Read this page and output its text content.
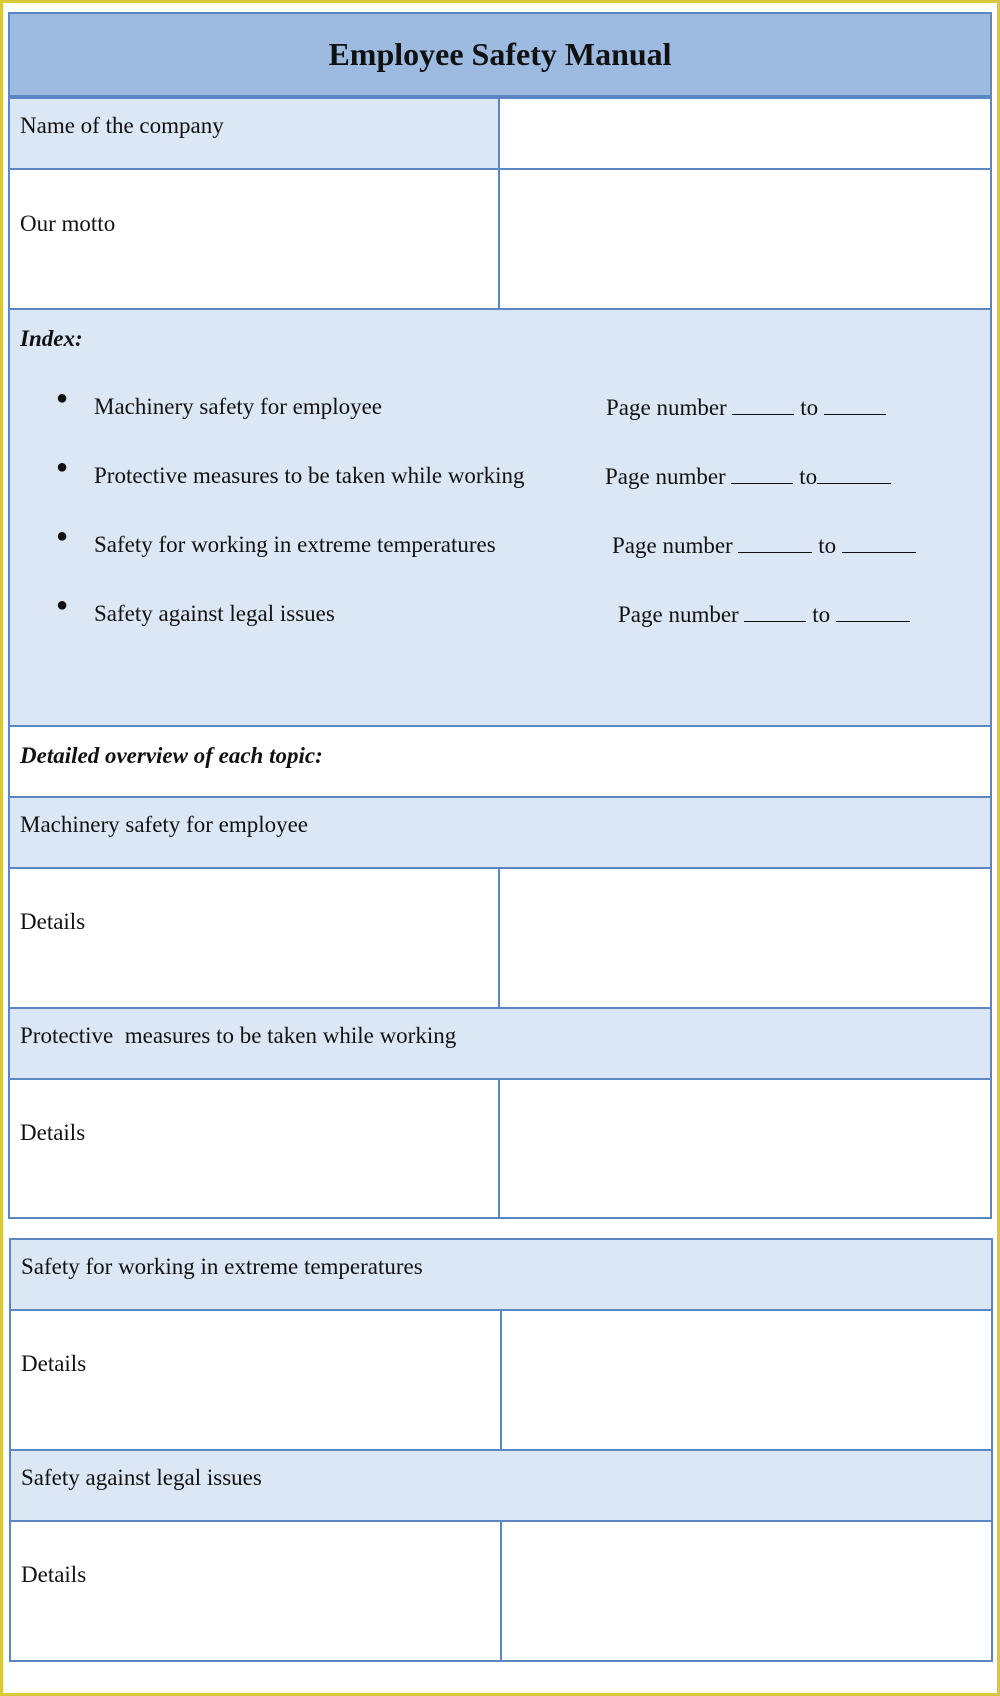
Employee Safety Manual
Name of the company
Our motto
Index:
● Machinery safety for employee	Page number	to
● Protective measures to be taken while working	Page number	to
● Safety for working in extreme temperatures	Page number	to
● Safety against legal issues	Page number	to
Detailed overview of each topic:
Machinery safety for employee
Details
Protective  measures to be taken while working
Details
Safety for working in extreme temperatures
Details
Safety against legal issues
Details
